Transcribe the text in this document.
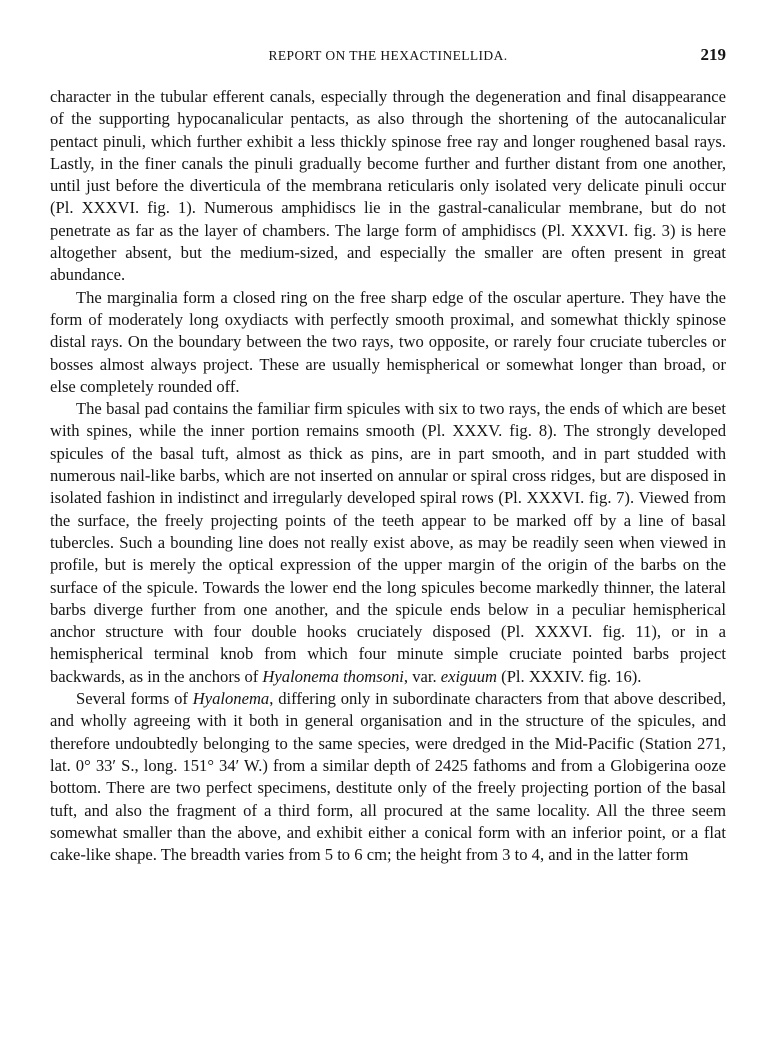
REPORT ON THE HEXACTINELLIDA.	219

character in the tubular efferent canals, especially through the degeneration and final disappearance of the supporting hypocanalicular pentacts, as also through the shortening of the autocanalicular pentact pinuli, which further exhibit a less thickly spinose free ray and longer roughened basal rays. Lastly, in the finer canals the pinuli gradually become further and further distant from one another, until just before the diverticula of the membrana reticularis only isolated very delicate pinuli occur (Pl. XXXVI. fig. 1). Numerous amphidiscs lie in the gastral-canalicular membrane, but do not penetrate as far as the layer of chambers. The large form of amphidiscs (Pl. XXXVI. fig. 3) is here altogether absent, but the medium-sized, and especially the smaller are often present in great abundance.

The marginalia form a closed ring on the free sharp edge of the oscular aperture. They have the form of moderately long oxydiacts with perfectly smooth proximal, and somewhat thickly spinose distal rays. On the boundary between the two rays, two opposite, or rarely four cruciate tubercles or bosses almost always project. These are usually hemispherical or somewhat longer than broad, or else completely rounded off.

The basal pad contains the familiar firm spicules with six to two rays, the ends of which are beset with spines, while the inner portion remains smooth (Pl. XXXV. fig. 8). The strongly developed spicules of the basal tuft, almost as thick as pins, are in part smooth, and in part studded with numerous nail-like barbs, which are not inserted on annular or spiral cross ridges, but are disposed in isolated fashion in indistinct and irregularly developed spiral rows (Pl. XXXVI. fig. 7). Viewed from the surface, the freely projecting points of the teeth appear to be marked off by a line of basal tubercles. Such a bounding line does not really exist above, as may be readily seen when viewed in profile, but is merely the optical expression of the upper margin of the origin of the barbs on the surface of the spicule. Towards the lower end the long spicules become markedly thinner, the lateral barbs diverge further from one another, and the spicule ends below in a peculiar hemispherical anchor structure with four double hooks cruciately disposed (Pl. XXXVI. fig. 11), or in a hemispherical terminal knob from which four minute simple cruciate pointed barbs project backwards, as in the anchors of Hyalonema thomsoni, var. exiguum (Pl. XXXIV. fig. 16).

Several forms of Hyalonema, differing only in subordinate characters from that above described, and wholly agreeing with it both in general organisation and in the structure of the spicules, and therefore undoubtedly belonging to the same species, were dredged in the Mid-Pacific (Station 271, lat. 0° 33′ S., long. 151° 34′ W.) from a similar depth of 2425 fathoms and from a Globigerina ooze bottom. There are two perfect specimens, destitute only of the freely projecting portion of the basal tuft, and also the fragment of a third form, all procured at the same locality. All the three seem somewhat smaller than the above, and exhibit either a conical form with an inferior point, or a flat cake-like shape. The breadth varies from 5 to 6 cm; the height from 3 to 4, and in the latter form
